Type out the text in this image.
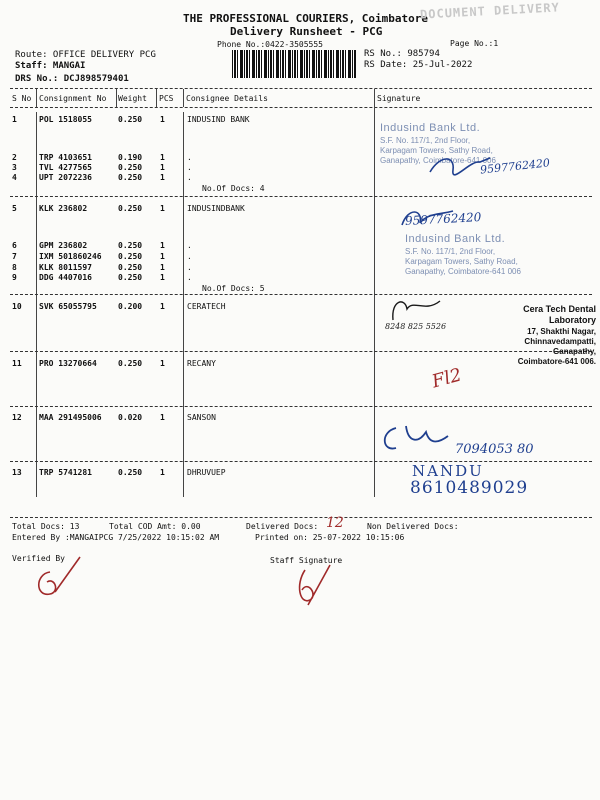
THE PROFESSIONAL COURIERS, Coimbatore
Delivery Runsheet - PCG
Phone No.:0422-3505555	Page No.:1
DOCUMENT DELIVERY
Route: OFFICE DELIVERY PCG
Staff: MANGAI
DRS No.: DCJ898579401
RS No.: 985794
RS Date: 25-Jul-2022
S No Consignment No Weight PCS Consignee Details	Signature
1	POL 1518055	0.250 1	INDUSIND BANK
2	TRP 4103651	0.190 1	.
3	TVL 4277565	0.250 1	.
4	UPT 2072236	0.250 1	.
No.Of Docs: 4
5	KLK 236802	0.250 1	INDUSINDBANK
6	GPM 236802	0.250 1	.
7	IXM 501860246 0.250 1	.
8	KLK 8011597	0.250 1	.
9	DDG 4407016	0.250 1	.
No.Of Docs: 5
10 SVK 65055795	0.200 1	CERATECH
11 PRO 13270664	0.250 1	RECANY
12 MAA 291495006 0.020 1	SANSON
13 TRP 5741281	0.250 1	DHRUVUEP
Indusind Bank Ltd.
S.F. No. 117/1, 2nd Floor,
Karpagam Towers, Sathy Road,
Ganapathy, Coimbatore-641 006
9597762420
9597762420
Indusind Bank Ltd.
S.F. No. 117/1, 2nd Floor,
Karpagam Towers, Sathy Road,
Ganapathy, Coimbatore-641 006
8248 825 5526
Cera Tech Dental Laboratory
17, Shakthi Nagar,
Chinnavedampatti,
Ganapathy,
Coimbatore-641 006.
Fl2
7094053 80
NANDU
8610489029
Total Docs: 13	Total COD Amt: 0.00	Delivered Docs: 12	Non Delivered Docs:
Entered By :MANGAIPCG 7/25/2022 10:15:02 AM	Printed on: 25-07-2022 10:15:06
Verified By	Staff Signature
